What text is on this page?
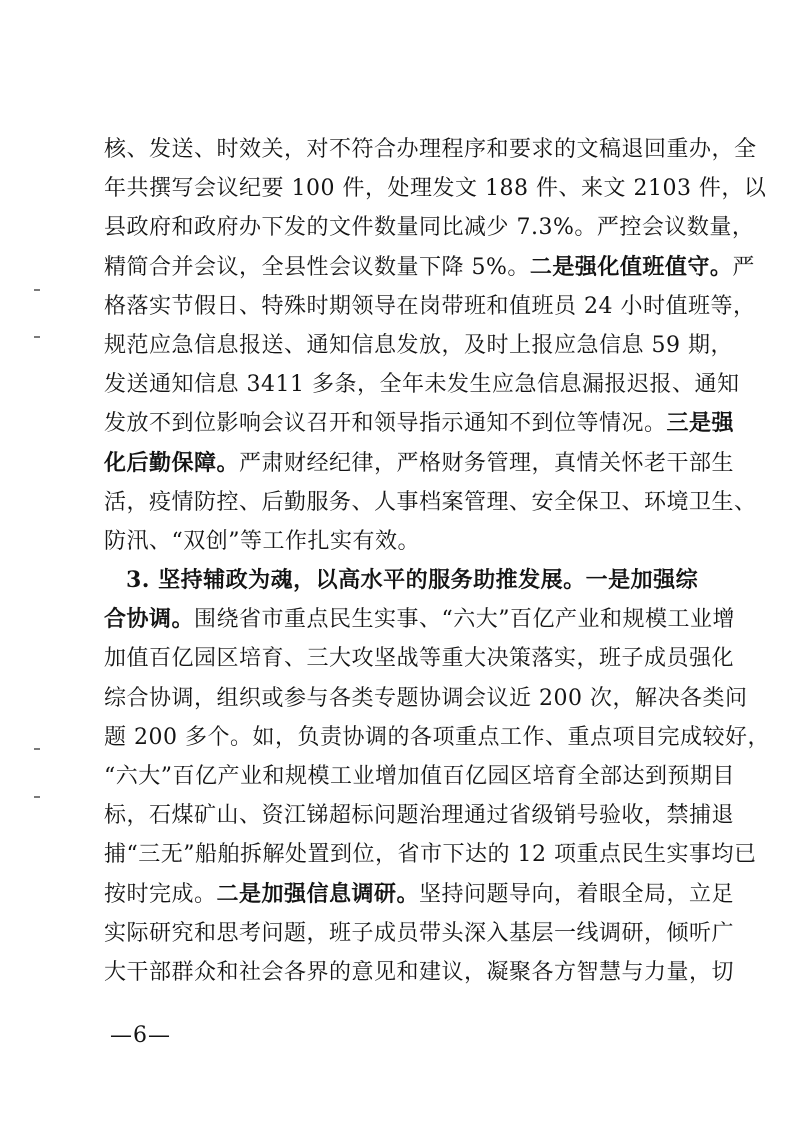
核、发送、时效关，对不符合办理程序和要求的文稿退回重办，全
年共撰写会议纪要 100 件，处理发文 188 件、来文 2103 件，以
县政府和政府办下发的文件数量同比减少 7.3%。严控会议数量，
精简合并会议，全县性会议数量下降 5%。二是强化值班值守。严
格落实节假日、特殊时期领导在岗带班和值班员 24 小时值班等，
规范应急信息报送、通知信息发放，及时上报应急信息 59 期，
发送通知信息 3411 多条，全年未发生应急信息漏报迟报、通知
发放不到位影响会议召开和领导指示通知不到位等情况。三是强
化后勤保障。严肃财经纪律，严格财务管理，真情关怀老干部生
活，疫情防控、后勤服务、人事档案管理、安全保卫、环境卫生、
防汛、“双创”等工作扎实有效。
3. 坚持辅政为魂，以高水平的服务助推发展。一是加强综
合协调。围绕省市重点民生实事、“六大”百亿产业和规模工业增
加值百亿园区培育、三大攻坚战等重大决策落实，班子成员强化
综合协调，组织或参与各类专题协调会议近 200 次，解决各类问
题 200 多个。如，负责协调的各项重点工作、重点项目完成较好，
“六大”百亿产业和规模工业增加值百亿园区培育全部达到预期目
标，石煤矿山、资江锑超标问题治理通过省级销号验收，禁捕退
捕“三无”船舶拆解处置到位，省市下达的 12 项重点民生实事均已
按时完成。二是加强信息调研。坚持问题导向，着眼全局，立足
实际研究和思考问题，班子成员带头深入基层一线调研，倾听广
大干部群众和社会各界的意见和建议，凝聚各方智慧与力量，切
—6—
